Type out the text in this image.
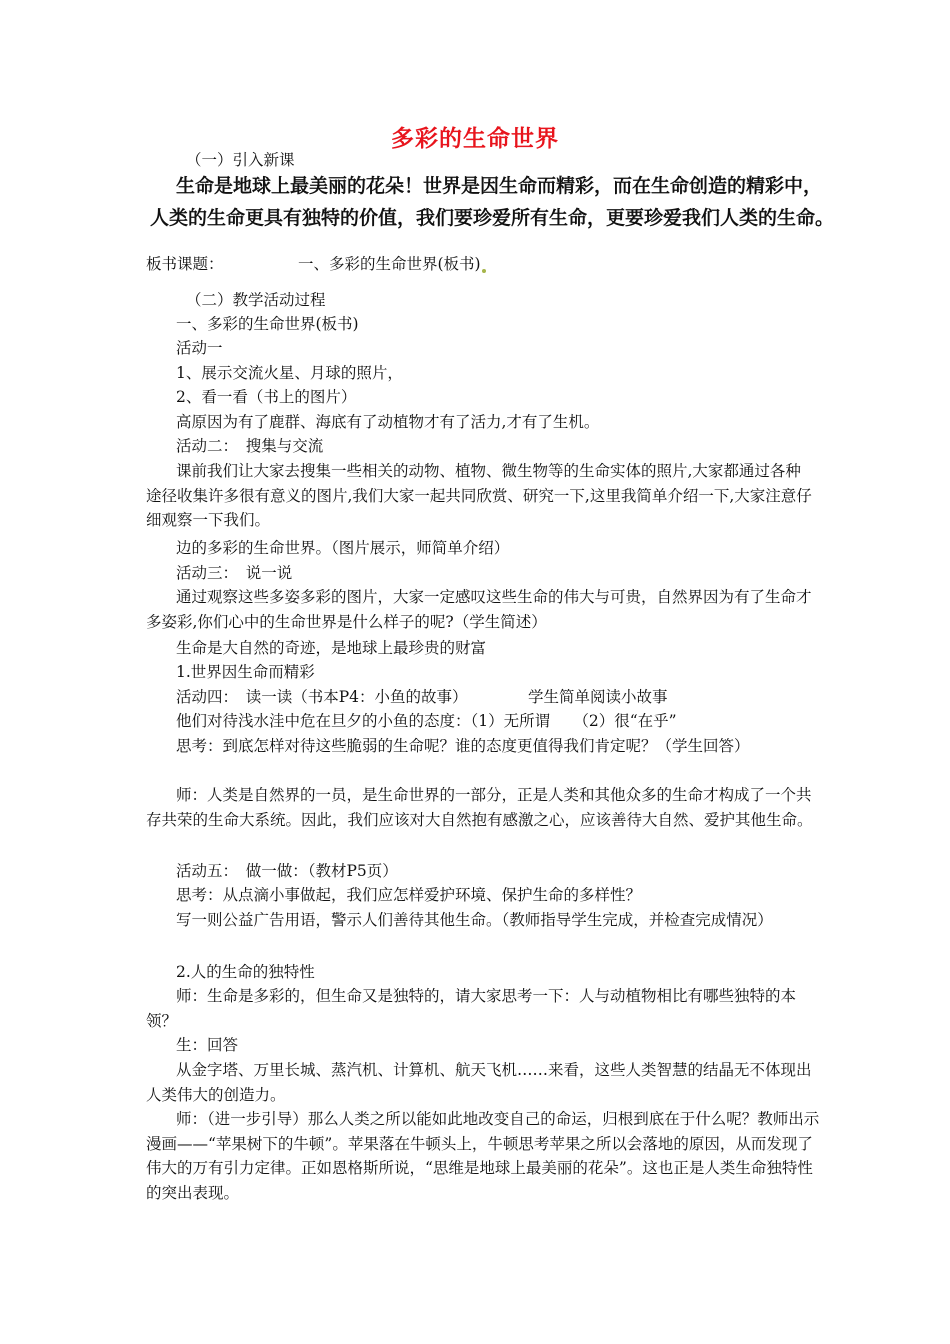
多彩的生命世界
（一）引入新课
生命是地球上最美丽的花朵！世界是因生命而精彩，而在生命创造的精彩中，
人类的生命更具有独特的价值，我们要珍爱所有生命，更要珍爱我们人类的生命。
板书课题：	一、多彩的生命世界(板书)
（二）教学活动过程
一、多彩的生命世界(板书)
活动一
1、展示交流火星、月球的照片，
2、看一看（书上的图片）
高原因为有了鹿群、海底有了动植物才有了活力,才有了生机。
活动二：　搜集与交流
课前我们让大家去搜集一些相关的动物、植物、微生物等的生命实体的照片,大家都通过各种途径收集许多很有意义的图片,我们大家一起共同欣赏、研究一下,这里我简单介绍一下,大家注意仔细观察一下我们。
边的多彩的生命世界。（图片展示，师简单介绍）
活动三：　说一说
通过观察这些多姿多彩的图片，大家一定感叹这些生命的伟大与可贵，自然界因为有了生命才多姿彩,你们心中的生命世界是什么样子的呢?（学生简述）
生命是大自然的奇迹，是地球上最珍贵的财富
1.世界因生命而精彩
活动四：　读一读（书本P4：小鱼的故事）	学生简单阅读小故事
他们对待浅水洼中危在旦夕的小鱼的态度：（1）无所谓　　（2）很“在乎”
思考：到底怎样对待这些脆弱的生命呢？谁的态度更值得我们肯定呢？（学生回答）
师：人类是自然界的一员，是生命世界的一部分，正是人类和其他众多的生命才构成了一个共存共荣的生命大系统。因此，我们应该对大自然抱有感激之心，应该善待大自然、爱护其他生命。
活动五：　做一做：（教材P5页）
思考：从点滴小事做起，我们应怎样爱护环境、保护生命的多样性？
写一则公益广告用语，警示人们善待其他生命。（教师指导学生完成，并检查完成情况）
2.人的生命的独特性
师：生命是多彩的，但生命又是独特的，请大家思考一下：人与动植物相比有哪些独特的本领？
生：回答
从金字塔、万里长城、蒸汽机、计算机、航天飞机……来看，这些人类智慧的结晶无不体现出人类伟大的创造力。
师：（进一步引导）那么人类之所以能如此地改变自己的命运，归根到底在于什么呢？教师出示漫画——“苹果树下的牛顿”。苹果落在牛顿头上，牛顿思考苹果之所以会落地的原因，从而发现了伟大的万有引力定律。正如恩格斯所说，“思维是地球上最美丽的花朵”。这也正是人类生命独特性的突出表现。
